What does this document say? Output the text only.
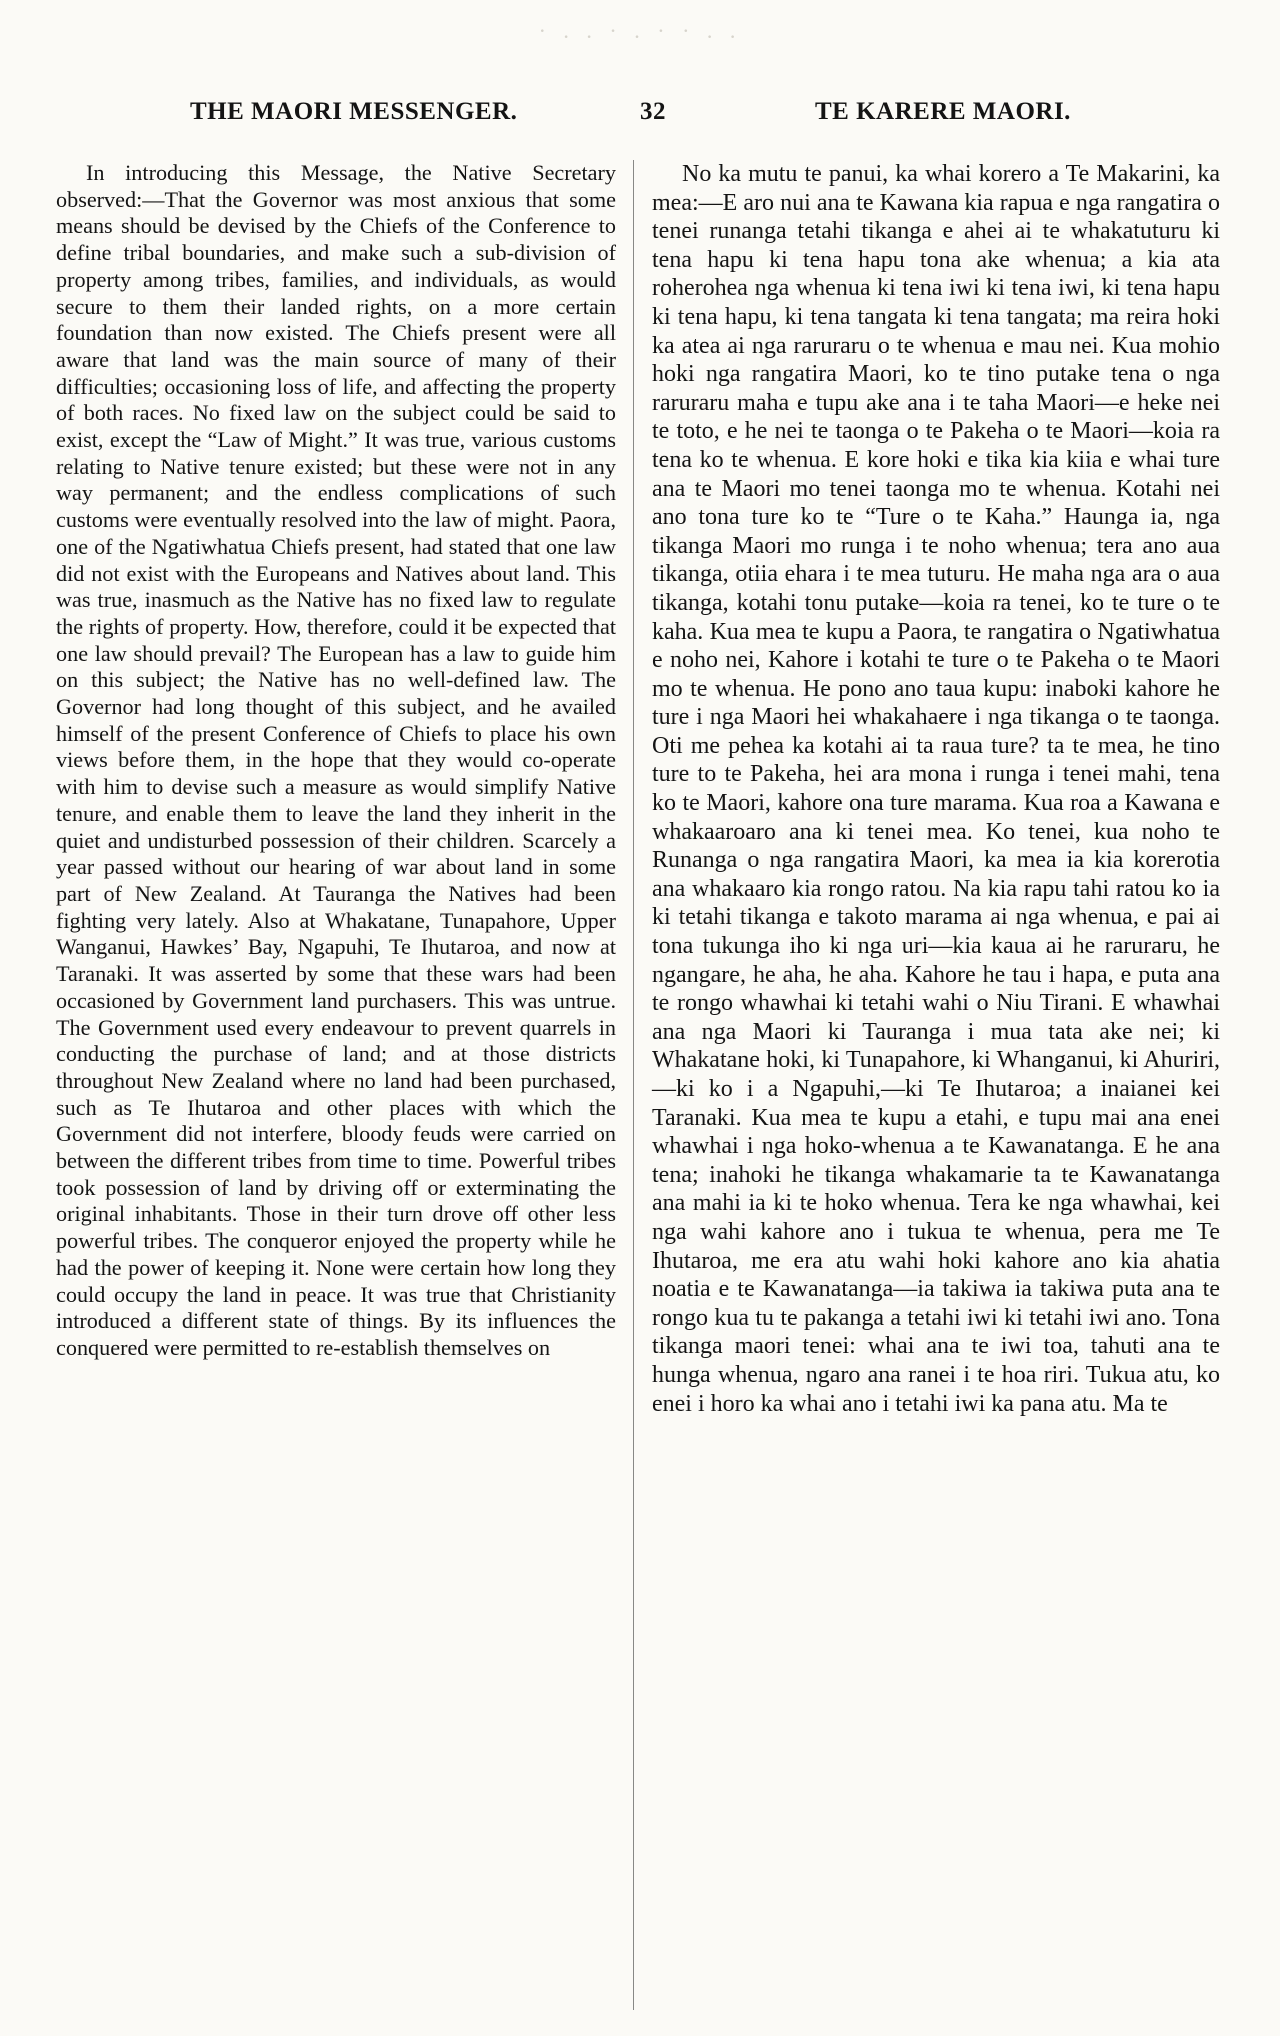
· . . · . · · . .
THE MAORI MESSENGER.	32	TE KARERE MAORI.

In introducing this Message, the Native Secretary observed:—That the Governor was most anxious that some means should be devised by the Chiefs of the Conference to define tribal boundaries, and make such a sub-division of property among tribes, families, and individuals, as would secure to them their landed rights, on a more certain foundation than now existed. The Chiefs present were all aware that land was the main source of many of their difficulties; occasioning loss of life, and affecting the property of both races. No fixed law on the subject could be said to exist, except the “Law of Might.” It was true, various customs relating to Native tenure existed; but these were not in any way permanent; and the endless complications of such customs were eventually resolved into the law of might. Paora, one of the Ngatiwhatua Chiefs present, had stated that one law did not exist with the Europeans and Natives about land. This was true, inasmuch as the Native has no fixed law to regulate the rights of property. How, therefore, could it be expected that one law should prevail? The European has a law to guide him on this subject; the Native has no well-defined law. The Governor had long thought of this subject, and he availed himself of the present Conference of Chiefs to place his own views before them, in the hope that they would co-operate with him to devise such a measure as would simplify Native tenure, and enable them to leave the land they inherit in the quiet and undisturbed possession of their children. Scarcely a year passed without our hearing of war about land in some part of New Zealand. At Tauranga the Natives had been fighting very lately. Also at Whakatane, Tunapahore, Upper Wanganui, Hawkes’ Bay, Ngapuhi, Te Ihutaroa, and now at Taranaki. It was asserted by some that these wars had been occasioned by Government land purchasers. This was untrue. The Government used every endeavour to prevent quarrels in conducting the purchase of land; and at those districts throughout New Zealand where no land had been purchased, such as Te Ihutaroa and other places with which the Government did not interfere, bloody feuds were carried on between the different tribes from time to time. Powerful tribes took possession of land by driving off or exterminating the original inhabitants. Those in their turn drove off other less powerful tribes. The conqueror enjoyed the property while he had the power of keeping it. None were certain how long they could occupy the land in peace. It was true that Christianity introduced a different state of things. By its influences the conquered were permitted to re-establish themselves on

No ka mutu te panui, ka whai korero a Te Makarini, ka mea:—E aro nui ana te Kawana kia rapua e nga rangatira o tenei runanga tetahi tikanga e ahei ai te whakatuturu ki tena hapu ki tena hapu tona ake whenua; a kia ata roherohea nga whenua ki tena iwi ki tena iwi, ki tena hapu ki tena hapu, ki tena tangata ki tena tangata; ma reira hoki ka atea ai nga raruraru o te whenua e mau nei. Kua mohio hoki nga rangatira Maori, ko te tino putake tena o nga raruraru maha e tupu ake ana i te taha Maori—e heke nei te toto, e he nei te taonga o te Pakeha o te Maori—koia ra tena ko te whenua. E kore hoki e tika kia kiia e whai ture ana te Maori mo tenei taonga mo te whenua. Kotahi nei ano tona ture ko te “Ture o te Kaha.” Haunga ia, nga tikanga Maori mo runga i te noho whenua; tera ano aua tikanga, otiia ehara i te mea tuturu. He maha nga ara o aua tikanga, kotahi tonu putake—koia ra tenei, ko te ture o te kaha. Kua mea te kupu a Paora, te rangatira o Ngatiwhatua e noho nei, Kahore i kotahi te ture o te Pakeha o te Maori mo te whenua. He pono ano taua kupu: inaboki kahore he ture i nga Maori hei whakahaere i nga tikanga o te taonga. Oti me pehea ka kotahi ai ta raua ture? ta te mea, he tino ture to te Pakeha, hei ara mona i runga i tenei mahi, tena ko te Maori, kahore ona ture marama. Kua roa a Kawana e whakaaroaro ana ki tenei mea. Ko tenei, kua noho te Runanga o nga rangatira Maori, ka mea ia kia korerotia ana whakaaro kia rongo ratou. Na kia rapu tahi ratou ko ia ki tetahi tikanga e takoto marama ai nga whenua, e pai ai tona tukunga iho ki nga uri—kia kaua ai he raruraru, he ngangare, he aha, he aha. Kahore he tau i hapa, e puta ana te rongo whawhai ki tetahi wahi o Niu Tirani. E whawhai ana nga Maori ki Tauranga i mua tata ake nei; ki Whakatane hoki, ki Tunapahore, ki Whanganui, ki Ahuriri,—ki ko i a Ngapuhi,—ki Te Ihutaroa; a inaianei kei Taranaki. Kua mea te kupu a etahi, e tupu mai ana enei whawhai i nga hoko-whenua a te Kawanatanga. E he ana tena; inahoki he tikanga whakamarie ta te Kawanatanga ana mahi ia ki te hoko whenua. Tera ke nga whawhai, kei nga wahi kahore ano i tukua te whenua, pera me Te Ihutaroa, me era atu wahi hoki kahore ano kia ahatia noatia e te Kawanatanga—ia takiwa ia takiwa puta ana te rongo kua tu te pakanga a tetahi iwi ki tetahi iwi ano. Tona tikanga maori tenei: whai ana te iwi toa, tahuti ana te hunga whenua, ngaro ana ranei i te hoa riri. Tukua atu, ko enei i horo ka whai ano i tetahi iwi ka pana atu. Ma te
